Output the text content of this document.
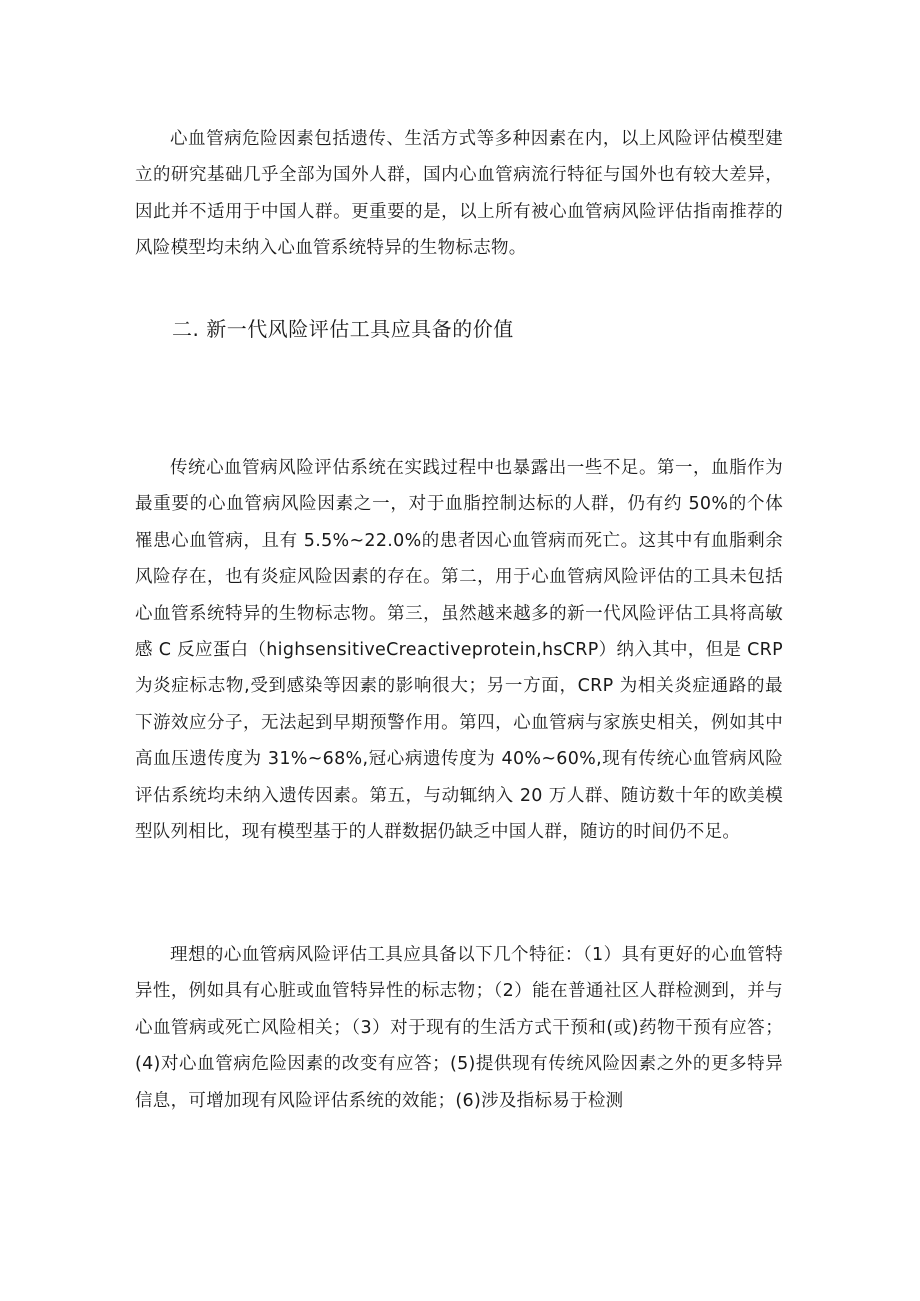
心血管病危险因素包括遗传、生活方式等多种因素在内，以上风险评估模型建立的研究基础几乎全部为国外人群，国内心血管病流行特征与国外也有较大差异，因此并不适用于中国人群。更重要的是，以上所有被心血管病风险评估指南推荐的风险模型均未纳入心血管系统特异的生物标志物。

二. 新一代风险评估工具应具备的价值

传统心血管病风险评估系统在实践过程中也暴露出一些不足。第一，血脂作为最重要的心血管病风险因素之一，对于血脂控制达标的人群，仍有约 50%的个体罹患心血管病，且有 5.5%~22.0%的患者因心血管病而死亡。这其中有血脂剩余风险存在，也有炎症风险因素的存在。第二，用于心血管病风险评估的工具未包括心血管系统特异的生物标志物。第三，虽然越来越多的新一代风险评估工具将高敏感 C 反应蛋白（highsensitiveCreactiveprotein,hsCRP）纳入其中，但是 CRP 为炎症标志物,受到感染等因素的影响很大；另一方面，CRP 为相关炎症通路的最下游效应分子，无法起到早期预警作用。第四，心血管病与家族史相关，例如其中高血压遗传度为 31%~68%,冠心病遗传度为 40%~60%,现有传统心血管病风险评估系统均未纳入遗传因素。第五，与动辄纳入 20 万人群、随访数十年的欧美模型队列相比，现有模型基于的人群数据仍缺乏中国人群，随访的时间仍不足。

理想的心血管病风险评估工具应具备以下几个特征：（1）具有更好的心血管特异性，例如具有心脏或血管特异性的标志物；（2）能在普通社区人群检测到，并与心血管病或死亡风险相关；（3）对于现有的生活方式干预和(或)药物干预有应答；(4)对心血管病危险因素的改变有应答；(5)提供现有传统风险因素之外的更多特异信息，可增加现有风险评估系统的效能；(6)涉及指标易于检测
